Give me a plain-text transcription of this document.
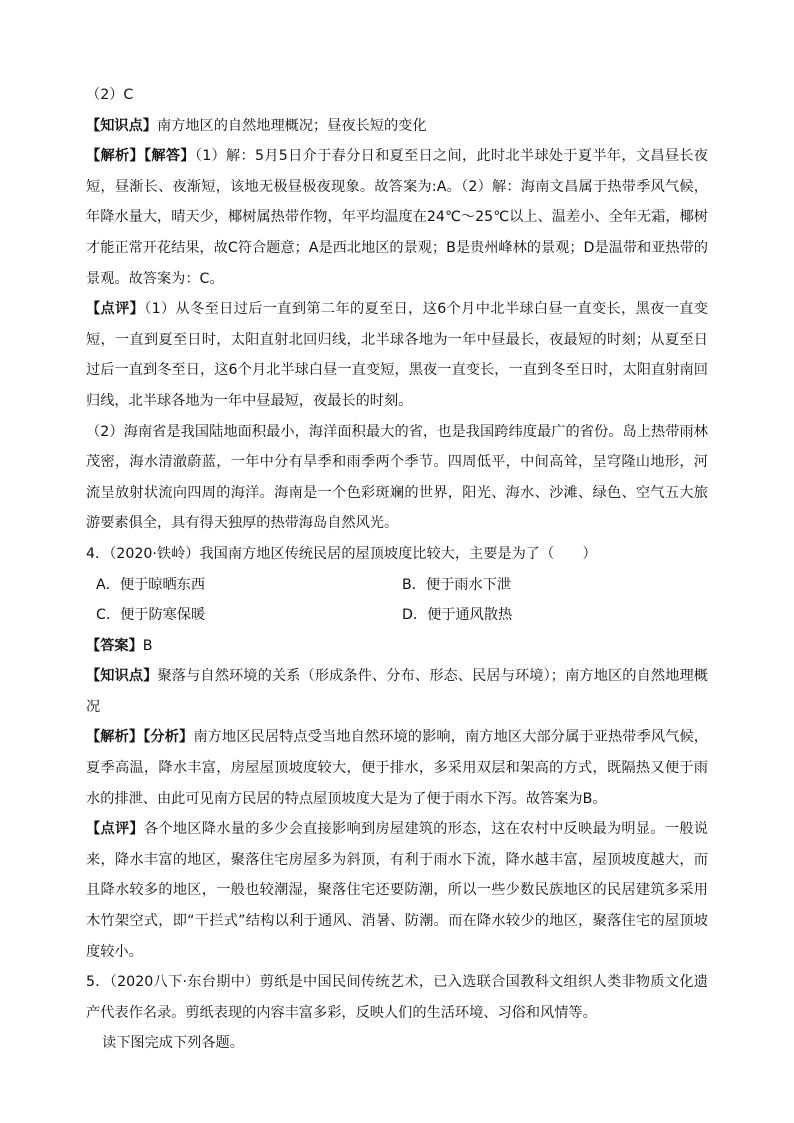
（2）C

【知识点】南方地区的自然地理概况；昼夜长短的变化

【解析】【解答】（1）解：5月5日介于春分日和夏至日之间，此时北半球处于夏半年，文昌昼长夜短，昼渐长、夜渐短，该地无极昼极夜现象。故答案为:A。（2）解：海南文昌属于热带季风气候，年降水量大，晴天少，椰树属热带作物，年平均温度在24℃～25℃以上、温差小、全年无霜，椰树才能正常开花结果，故C符合题意；A是西北地区的景观；B是贵州峰林的景观；D是温带和亚热带的景观。故答案为：C。

【点评】（1）从冬至日过后一直到第二年的夏至日，这6个月中北半球白昼一直变长，黑夜一直变短，一直到夏至日时，太阳直射北回归线，北半球各地为一年中昼最长，夜最短的时刻；从夏至日过后一直到冬至日，这6个月北半球白昼一直变短，黑夜一直变长，一直到冬至日时，太阳直射南回归线，北半球各地为一年中昼最短，夜最长的时刻。

（2）海南省是我国陆地面积最小，海洋面积最大的省，也是我国跨纬度最广的省份。岛上热带雨林茂密，海水清澈蔚蓝，一年中分有旱季和雨季两个季节。四周低平，中间高耸，呈穹隆山地形，河流呈放射状流向四周的海洋。海南是一个色彩斑斓的世界，阳光、海水、沙滩、绿色、空气五大旅游要素俱全，具有得天独厚的热带海岛自然风光。

4．（2020·铁岭）我国南方地区传统民居的屋顶坡度比较大，主要是为了（　　）

A．便于晾晒东西	B．便于雨水下泄
C．便于防寒保暖	D．便于通风散热

【答案】B

【知识点】聚落与自然环境的关系（形成条件、分布、形态、民居与环境）；南方地区的自然地理概况

【解析】【分析】南方地区民居特点受当地自然环境的影响，南方地区大部分属于亚热带季风气候，夏季高温，降水丰富，房屋屋顶坡度较大，便于排水，多采用双层和架高的方式，既隔热又便于雨水的排泄、由此可见南方民居的特点屋顶坡度大是为了便于雨水下泻。故答案为B。

【点评】各个地区降水量的多少会直接影响到房屋建筑的形态，这在农村中反映最为明显。一般说来，降水丰富的地区，聚落住宅房屋多为斜顶，有利于雨水下流，降水越丰富，屋顶坡度越大，而且降水较多的地区，一般也较潮湿，聚落住宅还要防潮，所以一些少数民族地区的民居建筑多采用木竹架空式，即“干拦式”结构以利于通风、消暑、防潮。而在降水较少的地区，聚落住宅的屋顶坡度较小。

5．（2020八下·东台期中）剪纸是中国民间传统艺术，已入选联合国教科文组织人类非物质文化遗产代表作名录。剪纸表现的内容丰富多彩，反映人们的生活环境、习俗和风情等。

读下图完成下列各题。
